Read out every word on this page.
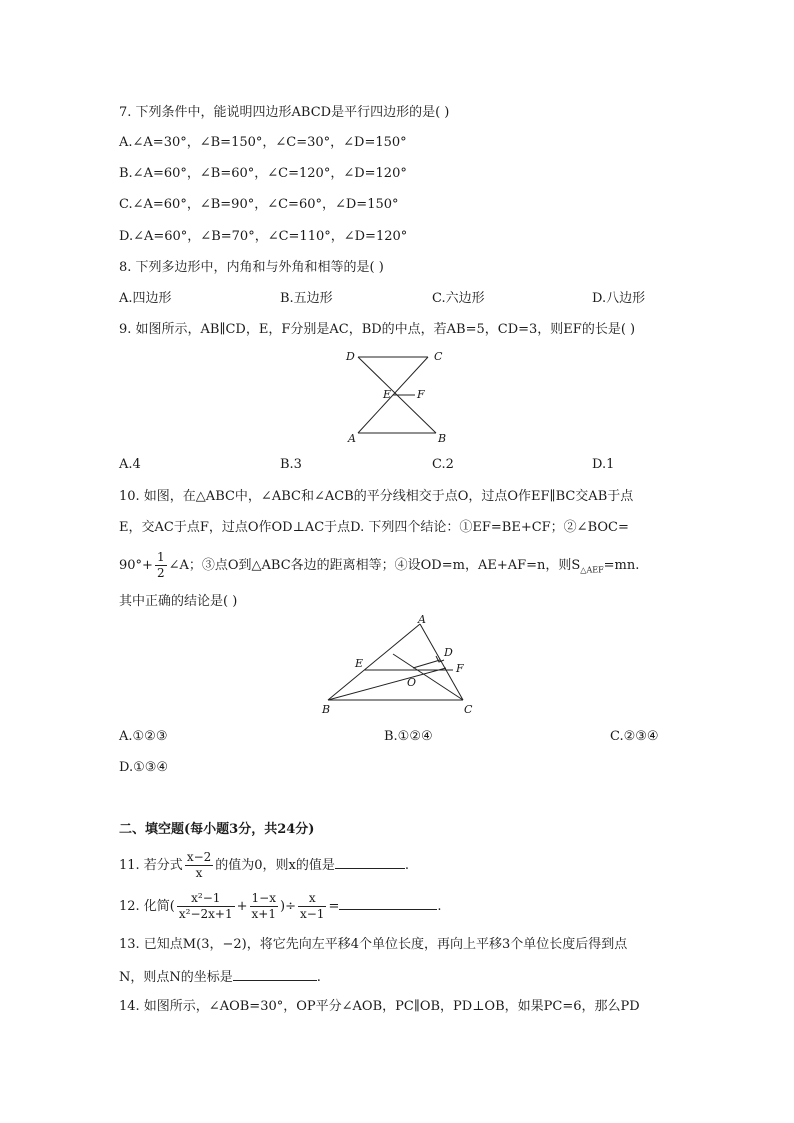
7. 下列条件中，能说明四边形ABCD是平行四边形的是( )
A.∠A=30°，∠B=150°，∠C=30°，∠D=150°
B.∠A=60°，∠B=60°，∠C=120°，∠D=120°
C.∠A=60°，∠B=90°，∠C=60°，∠D=150°
D.∠A=60°，∠B=70°，∠C=110°，∠D=120°
8. 下列多边形中，内角和与外角和相等的是( )
A.四边形	B.五边形	C.六边形	D.八边形
9. 如图所示，AB∥CD，E，F分别是AC，BD的中点，若AB=5，CD=3，则EF的长是( )
D	C
E F
A	B
A.4	B.3	C.2	D.1
10. 如图，在△ABC中，∠ABC和∠ACB的平分线相交于点O，过点O作EF∥BC交AB于点
E，交AC于点F，过点O作OD⊥AC于点D. 下列四个结论：①EF=BE+CF；②∠BOC=
$90^\circ+ \frac{1}{2}$ ∠A；③点O到△ABC各边的距离相等；④设OD=m，AE+AF=n，则$S_{\triangle AEF}=mn$.
其中正确的结论是( )
A
D
E	F
O
B	C
A.①②③	B.①②④	C.②③④
D.①③④
二、填空题(每小题3分，共24分)
11. 若分式 $\frac{x-2}{x}$ 的值为0，则x的值是	.
12. 化简( $\frac{\text{x²−1}}{\text{x²−2x+1}} + \frac{1-x}{x+1}$ )÷ $\frac{x}{x-1}$ =	.
13. 已知点M(3，−2)，将它先向左平移4个单位长度，再向上平移3个单位长度后得到点
N，则点N的坐标是	.
14. 如图所示，∠AOB=30°，OP平分∠AOB，PC∥OB，PD⊥OB，如果PC=6，那么PD
